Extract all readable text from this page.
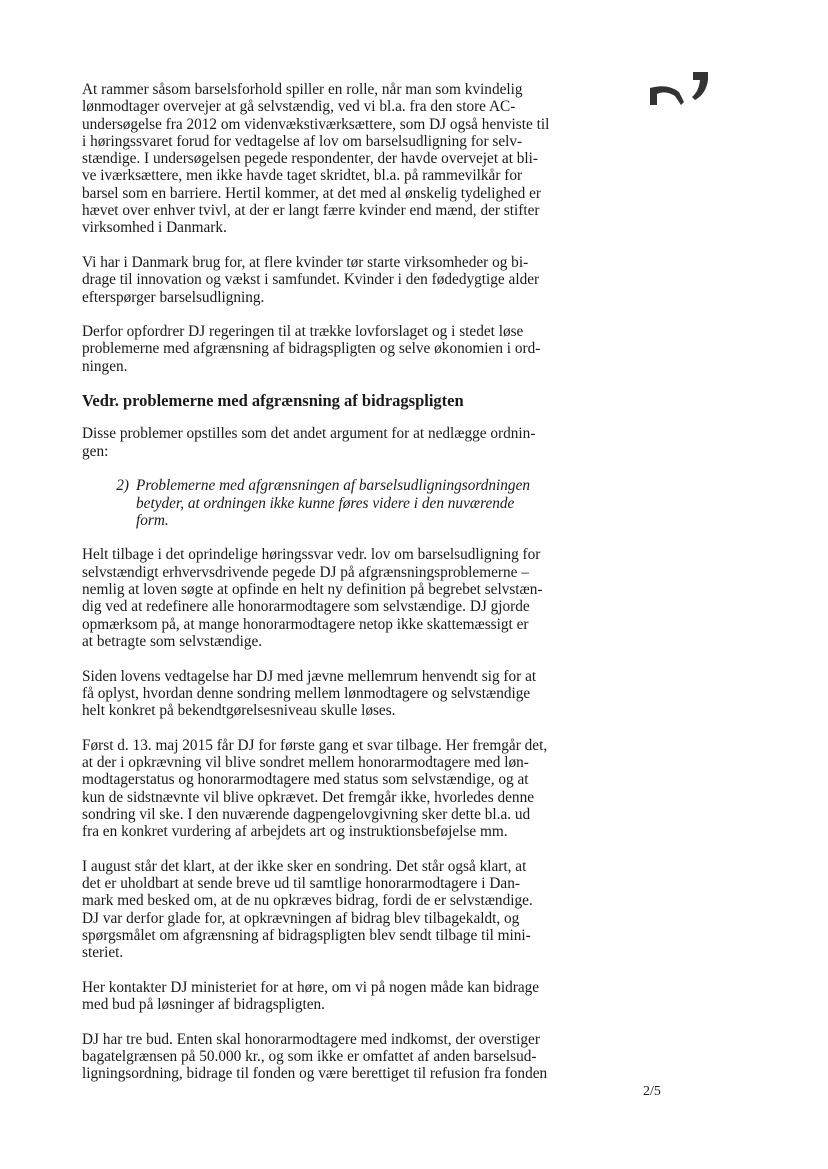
At rammer såsom barselsforhold spiller en rolle, når man som kvindelig
lønmodtager overvejer at gå selvstændig, ved vi bl.a. fra den store AC-
undersøgelse fra 2012 om videnvækstiværksættere, som DJ også henviste til
i høringssvaret forud for vedtagelse af lov om barselsudligning for selv-
stændige. I undersøgelsen pegede respondenter, der havde overvejet at bli-
ve iværksættere, men ikke havde taget skridtet, bl.a. på rammevilkår for
barsel som en barriere. Hertil kommer, at det med al ønskelig tydelighed er
hævet over enhver tvivl, at der er langt færre kvinder end mænd, der stifter
virksomhed i Danmark.

Vi har i Danmark brug for, at flere kvinder tør starte virksomheder og bi-
drage til innovation og vækst i samfundet. Kvinder i den fødedygtige alder
efterspørger barselsudligning.

Derfor opfordrer DJ regeringen til at trække lovforslaget og i stedet løse
problemerne med afgrænsning af bidragspligten og selve økonomien i ord-
ningen.

Vedr. problemerne med afgrænsning af bidragspligten

Disse problemer opstilles som det andet argument for at nedlægge ordnin-
gen:

2) Problemerne med afgrænsningen af barselsudligningsordningen
betyder, at ordningen ikke kunne føres videre i den nuværende
form.

Helt tilbage i det oprindelige høringssvar vedr. lov om barselsudligning for
selvstændigt erhvervsdrivende pegede DJ på afgrænsningsproblemerne –
nemlig at loven søgte at opfinde en helt ny definition på begrebet selvstæn-
dig ved at redefinere alle honorarmodtagere som selvstændige. DJ gjorde
opmærksom på, at mange honorarmodtagere netop ikke skattemæssigt er
at betragte som selvstændige.

Siden lovens vedtagelse har DJ med jævne mellemrum henvendt sig for at
få oplyst, hvordan denne sondring mellem lønmodtagere og selvstændige
helt konkret på bekendtgørelsesniveau skulle løses.

Først d. 13. maj 2015 får DJ for første gang et svar tilbage. Her fremgår det,
at der i opkrævning vil blive sondret mellem honorarmodtagere med løn-
modtagerstatus og honorarmodtagere med status som selvstændige, og at
kun de sidstnævnte vil blive opkrævet. Det fremgår ikke, hvorledes denne
sondring vil ske. I den nuværende dagpengelovgivning sker dette bl.a. ud
fra en konkret vurdering af arbejdets art og instruktionsbeføjelse mm.

I august står det klart, at der ikke sker en sondring. Det står også klart, at
det er uholdbart at sende breve ud til samtlige honorarmodtagere i Dan-
mark med besked om, at de nu opkræves bidrag, fordi de er selvstændige.
DJ var derfor glade for, at opkrævningen af bidrag blev tilbagekaldt, og
spørgsmålet om afgrænsning af bidragspligten blev sendt tilbage til mini-
steriet.

Her kontakter DJ ministeriet for at høre, om vi på nogen måde kan bidrage
med bud på løsninger af bidragspligten.

DJ har tre bud. Enten skal honorarmodtagere med indkomst, der overstiger
bagatelgrænsen på 50.000 kr., og som ikke er omfattet af anden barselsud-
ligningsordning, bidrage til fonden og være berettiget til refusion fra fonden

2/5
